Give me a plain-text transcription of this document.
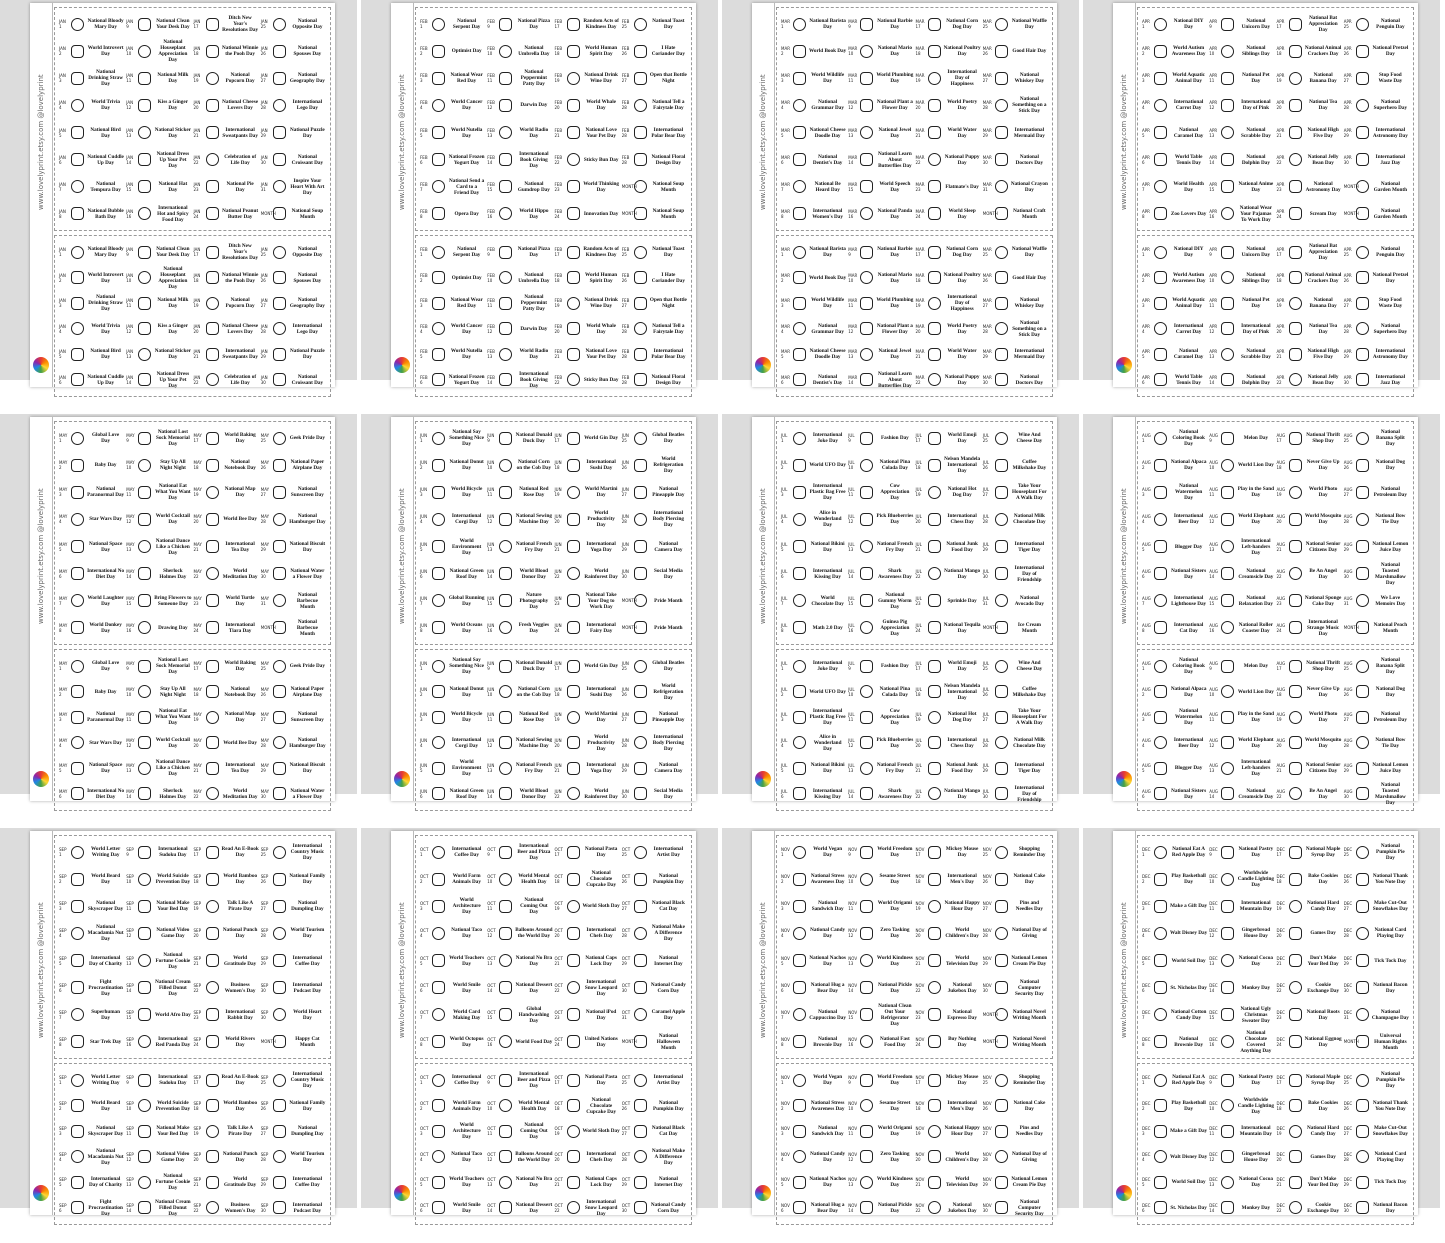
www.lovelyprint.etsy.com @lovelyprint
JAN 1
National Bloody Mary Day
JAN 2
World Introvert Day
JAN 3
National Drinking Straw Day
JAN 4
World Trivia Day
JAN 5
National Bird Day
JAN 6
National Cuddle Up Day
JAN 7
National Tempura Day
JAN 8
National Bubble Bath Day
JAN 9
National Clean Your Desk Day
JAN 10
National Houseplant Appreciation Day
JAN 11
National Milk Day
JAN 12
Kiss a Ginger Day
JAN 13
National Sticker Day
JAN 14
National Dress Up Your Pet Day
JAN 15
National Hat Day
JAN 16
International Hot and Spicy Food Day
JAN 17
Ditch New Year's Resolutions Day
JAN 18
National Winnie the Pooh Day
JAN 19
National Popcorn Day
JAN 20
National Cheese Lovers Day
JAN 21
International Sweatpants Day
JAN 22
Celebration of Life Day
JAN 23
National Pie Day
JAN 24
National Peanut Butter Day
JAN 25
National Opposite Day
JAN 26
National Spouses Day
JAN 27
National Geography Day
JAN 28
International Lego Day
JAN 29
National Puzzle Day
JAN 30
National Croissant Day
JAN 31
Inspire Your Heart With Art Day
MONTH	National Soup Month
JAN 1
National Bloody Mary Day
JAN 2
World Introvert Day
JAN 3
National Drinking Straw Day
JAN 4
World Trivia Day
JAN 5
National Bird Day
JAN 6
National Cuddle Up Day
JAN 9
National Clean Your Desk Day
JAN 10
National Houseplant Appreciation Day
JAN 11
National Milk Day
JAN 12
Kiss a Ginger Day
JAN 13
National Sticker Day
JAN 14
National Dress Up Your Pet Day
JAN 17
Ditch New Year's Resolutions Day
JAN 18
National Winnie the Pooh Day
JAN 19
National Popcorn Day
JAN 20
National Cheese Lovers Day
JAN 21
International Sweatpants Day
JAN 22
Celebration of Life Day
JAN 25
National Opposite Day
JAN 26
National Spouses Day
JAN 27
National Geography Day
JAN 28
International Lego Day
JAN 29
National Puzzle Day
JAN 30
National Croissant Day
www.lovelyprint.etsy.com @lovelyprint
FEB 1
National Serpent Day
FEB 2	Optimist Day
FEB 3
National Wear Red Day
FEB 4
World Cancer Day
FEB 5
World Nutella Day
FEB 6
National Frozen Yogurt Day
FEB 7
National Send a Card to a Friend Day
FEB 8	Opera Day
FEB 9
National Pizza Day
FEB 10
National Umbrella Day
FEB 11
National Peppermint Patty Day
FEB 12	Darwin Day
FEB 13
World Radio Day
FEB 14
International Book Giving Day
FEB 15
National Gumdrop Day
FEB 16
World Hippo Day
FEB 17
Random Acts of Kindness Day
FEB 18
World Human Spirit Day
FEB 19
National Drink Wine Day
FEB 20
World Whale Day
FEB 21
National Love Your Pet Day
FEB 22	Sticky Bun Day
FEB 23
World Thinking Day
FEB 24	Innovation Day
FEB 25
National Toast Day
FEB 26
I Hate Coriander Day
FEB 27
Open that Bottle Night
FEB 28
National Tell a Fairytale Day
FEB 28
International Polar Bear Day
FEB 28
National Floral Design Day
MONTH	National Soup Month
MONTH	National Soup Month
FEB 1
National Serpent Day
FEB 2	Optimist Day
FEB 3
National Wear Red Day
FEB 4
World Cancer Day
FEB 5
World Nutella Day
FEB 6
National Frozen Yogurt Day
FEB 9
National Pizza Day
FEB 10
National Umbrella Day
FEB 11
National Peppermint Patty Day
FEB 12	Darwin Day
FEB 13
World Radio Day
FEB 14
International Book Giving Day
FEB 17
Random Acts of Kindness Day
FEB 18
World Human Spirit Day
FEB 19
National Drink Wine Day
FEB 20
World Whale Day
FEB 21
National Love Your Pet Day
FEB 22	Sticky Bun Day
FEB 25
National Toast Day
FEB 26
I Hate Coriander Day
FEB 27
Open that Bottle Night
FEB 28
National Tell a Fairytale Day
FEB 28
International Polar Bear Day
FEB 28
National Floral Design Day
www.lovelyprint.etsy.com @lovelyprint
MAR 1
National Barista Day
MAR 2	World Book Day
MAR 3
World Wildlife Day
MAR 4
National Grammar Day
MAR 5
National Cheese Doodle Day
MAR 6
National Dentist's Day
MAR 7
National Be Heard Day
MAR 8
International Women's Day
MAR 9
National Barbie Day
MAR 10
National Mario Day
MAR 11
World Plumbing Day
MAR 12
National Plant a Flower Day
MAR 13
National Jewel Day
MAR 14
National Learn About Butterflies Day
MAR 15
World Speech Day
MAR 16
National Panda Day
MAR 17
National Corn Dog Day
MAR 18
National Poultry Day
MAR 19
International Day of Happiness
MAR 20
World Poetry Day
MAR 21
World Water Day
MAR 22
National Puppy Day
MAR 23	Flatmate's Day
MAR 24
World Sleep Day
MAR 25
National Waffle Day
MAR 26	Good Hair Day
MAR 27
National Whiskey Day
MAR 28
National Something on a Stick Day
MAR 29
International Mermaid Day
MAR 30
National Doctors Day
MAR 31
National Crayon Day
MONTH	National Craft Month
MAR 1
National Barista Day
MAR 2	World Book Day
MAR 3
World Wildlife Day
MAR 4
National Grammar Day
MAR 5
National Cheese Doodle Day
MAR 6
National Dentist's Day
MAR 9
National Barbie Day
MAR 10
National Mario Day
MAR 11
World Plumbing Day
MAR 12
National Plant a Flower Day
MAR 13
National Jewel Day
MAR 14
National Learn About Butterflies Day
MAR 17
National Corn Dog Day
MAR 18
National Poultry Day
MAR 19
International Day of Happiness
MAR 20
World Poetry Day
MAR 21
World Water Day
MAR 22
National Puppy Day
MAR 25
National Waffle Day
MAR 26	Good Hair Day
MAR 27
National Whiskey Day
MAR 28
National Something on a Stick Day
MAR 29
International Mermaid Day
MAR 30
National Doctors Day
www.lovelyprint.etsy.com @lovelyprint
APR 1
National DIY Day
APR 2
World Autism Awareness Day
APR 3
World Aquatic Animal Day
APR 4
International Carrot Day
APR 5
National Caramel Day
APR 6
World Table Tennis Day
APR 7
World Health Day
APR 8	Zoo Lovers Day
APR 9
National Unicorn Day
APR 10
National Siblings Day
APR 11
National Pet Day
APR 12
International Day of Pink
APR 13
National Scrabble Day
APR 14
National Dolphin Day
APR 15
National Anime Day
APR 16
National Wear Your Pajamas To Work Day
APR 17
National Bat Appreciation Day
APR 18
National Animal Crackers Day
APR 19
National Banana Day
APR 20
National Tea Day
APR 21
National High Five Day
APR 22
National Jelly Bean Day
APR 23
National Astronomy Day
APR 24	Scream Day
APR 25
National Penguin Day
APR 26
National Pretzel Day
APR 27
Stop Food Waste Day
APR 28
National Superhero Day
APR 29
International Astronomy Day
APR 30
International Jazz Day
MONTH	National Garden Month
MONTH	National Garden Month
APR 1
National DIY Day
APR 2
World Autism Awareness Day
APR 3
World Aquatic Animal Day
APR 4
International Carrot Day
APR 5
National Caramel Day
APR 6
World Table Tennis Day
APR 9
National Unicorn Day
APR 10
National Siblings Day
APR 11
National Pet Day
APR 12
International Day of Pink
APR 13
National Scrabble Day
APR 14
National Dolphin Day
APR 17
National Bat Appreciation Day
APR 18
National Animal Crackers Day
APR 19
National Banana Day
APR 20
National Tea Day
APR 21
National High Five Day
APR 22
National Jelly Bean Day
APR 25
National Penguin Day
APR 26
National Pretzel Day
APR 27
Stop Food Waste Day
APR 28
National Superhero Day
APR 29
International Astronomy Day
APR 30
International Jazz Day
www.lovelyprint.etsy.com @lovelyprint
MAY 1
Global Love Day
MAY 2	Baby Day
MAY 3
National Paranormal Day
MAY 4	Star Wars Day
MAY 5
National Space Day
MAY 6
International No Diet Day
MAY 7
World Laughter Day
MAY 8
World Donkey Day
MAY 9
National Lost Sock Memorial Day
MAY 10
Stay Up All Night Night
MAY 11
National Eat What You Want Day
MAY 12
World Cocktail Day
MAY 13
National Dance Like a Chicken Day
MAY 14
Sherlock Holmes Day
MAY 15
Bring Flowers to Someone Day
MAY 16	Drawing Day
MAY 17
World Baking Day
MAY 18
National Notebook Day
MAY 19
National Map Day
MAY 20	World Bee Day
MAY 21
International Tea Day
MAY 22
World Meditation Day
MAY 23
World Turtle Day
MAY 24
International Tiara Day
MAY 25	Geek Pride Day
MAY 26
National Paper Airplane Day
MAY 27
National Sunscreen Day
MAY 28
National Hamburger Day
MAY 29
National Biscuit Day
MAY 30
National Water a Flower Day
MAY 31
National Barbecue Month
MONTH
National Barbecue Month
MAY 1
Global Love Day
MAY 2	Baby Day
MAY 3
National Paranormal Day
MAY 4	Star Wars Day
MAY 5
National Space Day
MAY 6
International No Diet Day
MAY 9
National Lost Sock Memorial Day
MAY 10
Stay Up All Night Night
MAY 11
National Eat What You Want Day
MAY 12
World Cocktail Day
MAY 13
National Dance Like a Chicken Day
MAY 14
Sherlock Holmes Day
MAY 17
World Baking Day
MAY 18
National Notebook Day
MAY 19
National Map Day
MAY 20	World Bee Day
MAY 21
International Tea Day
MAY 22
World Meditation Day
MAY 25	Geek Pride Day
MAY 26
National Paper Airplane Day
MAY 27
National Sunscreen Day
MAY 28
National Hamburger Day
MAY 29
National Biscuit Day
MAY 30
National Water a Flower Day
www.lovelyprint.etsy.com @lovelyprint
JUN 1
National Say Something Nice Day
JUN 2
National Donut Day
JUN 3
World Bicycle Day
JUN 4
International Corgi Day
JUN 5
World Environment Day
JUN 6
National Green Roof Day
JUN 7
Global Running Day
JUN 8
World Oceans Day
JUN 9
National Donald Duck Day
JUN 10
National Corn on the Cob Day
JUN 11
National Red Rose Day
JUN 12
National Sewing Machine Day
JUN 13
National French Fry Day
JUN 14
World Blood Donor Day
JUN 15
Nature Photography Day
JUN 16
Fresh Veggies Day
JUN 17	World Gin Day
JUN 18
International Sushi Day
JUN 19
World Martini Day
JUN 20
World Productivity Day
JUN 21
International Yoga Day
JUN 22
World Rainforest Day
JUN 23
National Take Your Dog to Work Day
JUN 24
International Fairy Day
JUN 25
Global Beatles Day
JUN 26
World Refrigeration Day
JUN 27
National Pineapple Day
JUN 28
International Body Piercing Day
JUN 29
National Camera Day
JUN 30
Social Media Day
MONTH	Pride Month
MONTH	Pride Month
JUN 1
National Say Something Nice Day
JUN 2
National Donut Day
JUN 3
World Bicycle Day
JUN 4
International Corgi Day
JUN 5
World Environment Day
JUN 6
National Green Roof Day
JUN 9
National Donald Duck Day
JUN 10
National Corn on the Cob Day
JUN 11
National Red Rose Day
JUN 12
National Sewing Machine Day
JUN 13
National French Fry Day
JUN 14
World Blood Donor Day
JUN 17	World Gin Day
JUN 18
International Sushi Day
JUN 19
World Martini Day
JUN 20
World Productivity Day
JUN 21
International Yoga Day
JUN 22
World Rainforest Day
JUN 25
Global Beatles Day
JUN 26
World Refrigeration Day
JUN 27
National Pineapple Day
JUN 28
International Body Piercing Day
JUN 29
National Camera Day
JUN 30
Social Media Day
www.lovelyprint.etsy.com @lovelyprint
JUL 1
International Joke Day
JUL 2	World UFO Day
JUL 3
International Plastic Bag Free Day
JUL 4
Alice in Wonderland Day
JUL 5
National Bikini Day
JUL 6
International Kissing Day
JUL 7
World Chocolate Day
JUL 8	Math 2.0 Day
JUL 9	Fashion Day
JUL 10
National Pina Colada Day
JUL 11
Cow Appreciation Day
JUL 12
Pick Blueberries Day
JUL 13
National French Fry Day
JUL 14
Shark Awareness Day
JUL 15
National Gummy Worm Day
JUL 16
Guinea Pig Appreciation Day
JUL 17
World Emoji Day
JUL 18
Nelson Mandela International Day
JUL 19
National Hot Dog Day
JUL 20
International Chess Day
JUL 21
National Junk Food Day
JUL 22
National Mango Day
JUL 23	Sprinkle Day
JUL 24
National Tequila Day
JUL 25
Wine And Cheese Day
JUL 26
Coffee Milkshake Day
JUL 27
Take Your Houseplant For A Walk Day
JUL 28
National Milk Chocolate Day
JUL 29
International Tiger Day
JUL 30
International Day of Friendship
JUL 31
National Avocado Day
MONTH	Ice Cream Month
JUL 1
International Joke Day
JUL 2	World UFO Day
JUL 3
International Plastic Bag Free Day
JUL 4
Alice in Wonderland Day
JUL 5
National Bikini Day
JUL 6
International Kissing Day
JUL 9	Fashion Day
JUL 10
National Pina Colada Day
JUL 11
Cow Appreciation Day
JUL 12
Pick Blueberries Day
JUL 13
National French Fry Day
JUL 14
Shark Awareness Day
JUL 17
World Emoji Day
JUL 18
Nelson Mandela International Day
JUL 19
National Hot Dog Day
JUL 20
International Chess Day
JUL 21
National Junk Food Day
JUL 22
National Mango Day
JUL 25
Wine And Cheese Day
JUL 26
Coffee Milkshake Day
JUL 27
Take Your Houseplant For A Walk Day
JUL 28
National Milk Chocolate Day
JUL 29
International Tiger Day
JUL 30
International Day of Friendship
www.lovelyprint.etsy.com @lovelyprint
AUG 1
National Coloring Book Day
AUG 2
National Alpaca Day
AUG 3
National Watermelon Day
AUG 4
International Beer Day
AUG 5	Blogger Day
AUG 6
National Sisters Day
AUG 7
International Lighthouse Day
AUG 8
International Cat Day
AUG 9	Melon Day
AUG 10	World Lion Day
AUG 11
Play in the Sand Day
AUG 12
World Elephant Day
AUG 13
International Left-handers Day
AUG 14
National Creamsicle Day
AUG 15
National Relaxation Day
AUG 16
National Roller Coaster Day
AUG 17
National Thrift Shop Day
AUG 18
Never Give Up Day
AUG 19
World Photo Day
AUG 20
World Mosquito Day
AUG 21
National Senior Citizens Day
AUG 22
Be An Angel Day
AUG 23
National Sponge Cake Day
AUG 24
International Strange Music Day
AUG 25
National Banana Split Day
AUG 26
National Dog Day
AUG 27
National Petroleum Day
AUG 28
National Bow Tie Day
AUG 29
National Lemon Juice Day
AUG 30
National Toasted Marshmallow Day
AUG 31
We Love Memoirs Day
MONTH	National Peach Month
AUG 1
National Coloring Book Day
AUG 2
National Alpaca Day
AUG 3
National Watermelon Day
AUG 4
International Beer Day
AUG 5	Blogger Day
AUG 6
National Sisters Day
AUG 9	Melon Day
AUG 10	World Lion Day
AUG 11
Play in the Sand Day
AUG 12
World Elephant Day
AUG 13
International Left-handers Day
AUG 14
National Creamsicle Day
AUG 17
National Thrift Shop Day
AUG 18
Never Give Up Day
AUG 19
World Photo Day
AUG 20
World Mosquito Day
AUG 21
National Senior Citizens Day
AUG 22
Be An Angel Day
AUG 25
National Banana Split Day
AUG 26
National Dog Day
AUG 27
National Petroleum Day
AUG 28
National Bow Tie Day
AUG 29
National Lemon Juice Day
AUG 30
National Toasted Marshmallow Day
www.lovelyprint.etsy.com @lovelyprint
SEP 1
World Letter Writing Day
SEP 2
World Beard Day
SEP 3
National Skyscraper Day
SEP 4
National Macadamia Nut Day
SEP 5
International Day of Charity
SEP 6
Fight Procrastination Day
SEP 7
Superhuman Day
SEP 8	Star Trek Day
SEP 9
International Sudoku Day
SEP 10
World Suicide Prevention Day
SEP 11
National Make Your Bed Day
SEP 12
National Video Game Day
SEP 13
National Fortune Cookie Day
SEP 14
National Cream Filled Donut Day
SEP 15	World Afro Day
SEP 16
International Red Panda Day
SEP 17
Read An E-Book Day
SEP 18
World Bamboo Day
SEP 19
Talk Like A Pirate Day
SEP 20
National Punch Day
SEP 21
World Gratitude Day
SEP 22
Business Women's Day
SEP 23
International Rabbit Day
SEP 24
World Rivers Day
SEP 25
International Country Music Day
SEP 26
National Family Day
SEP 27
National Dumpling Day
SEP 28
World Tourism Day
SEP 29
International Coffee Day
SEP 30
International Podcast Day
SEP 30
World Heart Day
MONTH	Happy Cat Month
SEP 1
World Letter Writing Day
SEP 2
World Beard Day
SEP 3
National Skyscraper Day
SEP 4
National Macadamia Nut Day
SEP 5
International Day of Charity
SEP 6
Fight Procrastination Day
SEP 9
International Sudoku Day
SEP 10
World Suicide Prevention Day
SEP 11
National Make Your Bed Day
SEP 12
National Video Game Day
SEP 13
National Fortune Cookie Day
SEP 14
National Cream Filled Donut Day
SEP 17
Read An E-Book Day
SEP 18
World Bamboo Day
SEP 19
Talk Like A Pirate Day
SEP 20
National Punch Day
SEP 21
World Gratitude Day
SEP 22
Business Women's Day
SEP 25
International Country Music Day
SEP 26
National Family Day
SEP 27
National Dumpling Day
SEP 28
World Tourism Day
SEP 29
International Coffee Day
SEP 30
International Podcast Day
www.lovelyprint.etsy.com @lovelyprint
OCT 1
International Coffee Day
OCT 2
World Farm Animals Day
OCT 3
World Architecture Day
OCT 4
National Taco Day
OCT 5
World Teachers Day
OCT 6
World Smile Day
OCT 7
World Card Making Day
OCT 8
World Octopus Day
OCT 9
International Beer and Pizza Day
OCT 10
World Mental Health Day
OCT 11
National Coming Out Day
OCT 12
Balloons Around the World Day
OCT 13
National No Bra Day
OCT 14
National Dessert Day
OCT 15
Global Handwashing Day
OCT 16	World Food Day
OCT 17
National Pasta Day
OCT 18
National Chocolate Cupcake Day
OCT 19	World Sloth Day
OCT 20
International Chefs Day
OCT 21
National Caps Lock Day
OCT 22
International Snow Leopard Day
OCT 23
National iPod Day
OCT 24
United Nations Day
OCT 25
International Artist Day
OCT 26
National Pumpkin Day
OCT 27
National Black Cat Day
OCT 28
National Make A Difference Day
OCT 29
National Internet Day
OCT 30
National Candy Corn Day
OCT 31
Caramel Apple Day
MONTH
National Halloween Month
OCT 1
International Coffee Day
OCT 2
World Farm Animals Day
OCT 3
World Architecture Day
OCT 4
National Taco Day
OCT 5
World Teachers Day
OCT 6
World Smile Day
OCT 9
International Beer and Pizza Day
OCT 10
World Mental Health Day
OCT 11
National Coming Out Day
OCT 12
Balloons Around the World Day
OCT 13
National No Bra Day
OCT 14
National Dessert Day
OCT 17
National Pasta Day
OCT 18
National Chocolate Cupcake Day
OCT 19	World Sloth Day
OCT 20
International Chefs Day
OCT 21
National Caps Lock Day
OCT 22
International Snow Leopard Day
OCT 25
International Artist Day
OCT 26
National Pumpkin Day
OCT 27
National Black Cat Day
OCT 28
National Make A Difference Day
OCT 29
National Internet Day
OCT 30
National Candy Corn Day
www.lovelyprint.etsy.com @lovelyprint
NOV 1
World Vegan Day
NOV 2
National Stress Awareness Day
NOV 3
National Sandwich Day
NOV 4
National Candy Day
NOV 5
National Nachos Day
NOV 6
National Hug a Bear Day
NOV 7
National Cappuccino Day
NOV 8
National Brownie Day
NOV 9
World Freedom Day
NOV 10
Sesame Street Day
NOV 11
World Origami Day
NOV 12
Zero Tasking Day
NOV 13
World Kindness Day
NOV 14
National Pickle Day
NOV 15
National Clean Out Your Refrigerator Day
NOV 16
National Fast Food Day
NOV 17
Mickey Mouse Day
NOV 18
International Men's Day
NOV 19
National Happy Hour Day
NOV 20
World Children's Day
NOV 21
World Television Day
NOV 22
National Jukebox Day
NOV 23
National Espresso Day
NOV 24
Buy Nothing Day
NOV 25
Shopping Reminder Day
NOV 26
National Cake Day
NOV 27
Pins and Needles Day
NOV 28
National Day of Giving
NOV 29
National Lemon Cream Pie Day
NOV 30
National Computer Security Day
MONTH	National Novel Writing Month
MONTH	National Novel Writing Month
NOV 1
World Vegan Day
NOV 2
National Stress Awareness Day
NOV 3
National Sandwich Day
NOV 4
National Candy Day
NOV 5
National Nachos Day
NOV 6
National Hug a Bear Day
NOV 9
World Freedom Day
NOV 10
Sesame Street Day
NOV 11
World Origami Day
NOV 12
Zero Tasking Day
NOV 13
World Kindness Day
NOV 14
National Pickle Day
NOV 17
Mickey Mouse Day
NOV 18
International Men's Day
NOV 19
National Happy Hour Day
NOV 20
World Children's Day
NOV 21
World Television Day
NOV 22
National Jukebox Day
NOV 25
Shopping Reminder Day
NOV 26
National Cake Day
NOV 27
Pins and Needles Day
NOV 28
National Day of Giving
NOV 29
National Lemon Cream Pie Day
NOV 30
National Computer Security Day
www.lovelyprint.etsy.com @lovelyprint
DEC 1
National Eat A Red Apple Day
DEC 2
Play Basketball Day
DEC 3	Make a Gift Day
DEC 4	Walt Disney Day
DEC 5	World Soil Day
DEC 6	St. Nicholas Day
DEC 7
National Cotton Candy Day
DEC 8
National Brownie Day
DEC 9
National Pastry Day
DEC 10
Worldwide Candle Lighting Day
DEC 11
International Mountain Day
DEC 12
Gingerbread House Day
DEC 13
National Cocoa Day
DEC 14	Monkey Day
DEC 15
National Ugly Christmas Sweater Day
DEC 16
National Chocolate Covered Anything Day
DEC 17
National Maple Syrup Day
DEC 18
Bake Cookies Day
DEC 19
National Hard Candy Day
DEC 20	Games Day
DEC 21
Don't Make Your Bed Day
DEC 22
Cookie Exchange Day
DEC 23
National Roots Day
DEC 24
National Eggnog Day
DEC 25
National Pumpkin Pie Day
DEC 26
National Thank You Note Day
DEC 27
Make Cut-Out Snowflakes Day
DEC 28
National Card Playing Day
DEC 29	Tick Tock Day
DEC 30
National Bacon Day
DEC 31
National Champagne Day
MONTH
Universal Human Rights Month
DEC 1
National Eat A Red Apple Day
DEC 2
Play Basketball Day
DEC 3	Make a Gift Day
DEC 4	Walt Disney Day
DEC 5	World Soil Day
DEC 6	St. Nicholas Day
DEC 9
National Pastry Day
DEC 10
Worldwide Candle Lighting Day
DEC 11
International Mountain Day
DEC 12
Gingerbread House Day
DEC 13
National Cocoa Day
DEC 14	Monkey Day
DEC 17
National Maple Syrup Day
DEC 18
Bake Cookies Day
DEC 19
National Hard Candy Day
DEC 20	Games Day
DEC 21
Don't Make Your Bed Day
DEC 22
Cookie Exchange Day
DEC 25
National Pumpkin Pie Day
DEC 26
National Thank You Note Day
DEC 27
Make Cut-Out Snowflakes Day
DEC 28
National Card Playing Day
DEC 29	Tick Tock Day
DEC 30
National Bacon Day
